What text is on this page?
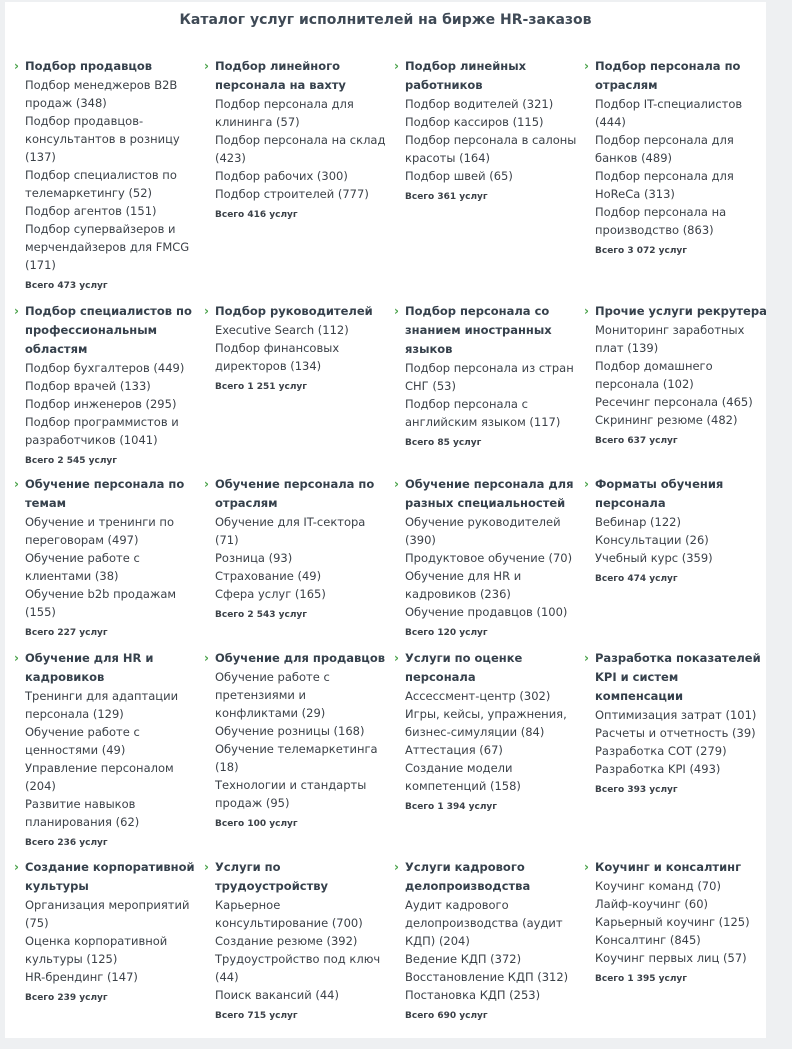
Каталог услуг исполнителей на бирже HR-заказов
› Подбор продавцов
Подбор менеджеров B2B продаж (348)
Подбор продавцов-консультантов в розницу (137)
Подбор специалистов по телемаркетингу (52)
Подбор агентов (151)
Подбор супервайзеров и мерчендайзеров для FMCG (171)
Всего 473 услуг
› Подбор линейного персонала на вахту
Подбор персонала для клининга (57)
Подбор персонала на склад (423)
Подбор рабочих (300)
Подбор строителей (777)
Всего 416 услуг
› Подбор линейных работников
Подбор водителей (321)
Подбор кассиров (115)
Подбор персонала в салоны красоты (164)
Подбор швей (65)
Всего 361 услуг
› Подбор персонала по отраслям
Подбор IT-специалистов (444)
Подбор персонала для банков (489)
Подбор персонала для HoReCa (313)
Подбор персонала на производство (863)
Всего 3 072 услуг
› Подбор специалистов по профессиональным областям
Подбор бухгалтеров (449)
Подбор врачей (133)
Подбор инженеров (295)
Подбор программистов и разработчиков (1041)
Всего 2 545 услуг
› Подбор руководителей
Executive Search (112)
Подбор финансовых директоров (134)
Всего 1 251 услуг
› Подбор персонала со знанием иностранных языков
Подбор персонала из стран СНГ (53)
Подбор персонала с английским языком (117)
Всего 85 услуг
› Прочие услуги рекрутера
Мониторинг заработных плат (139)
Подбор домашнего персонала (102)
Ресечинг персонала (465)
Скрининг резюме (482)
Всего 637 услуг
› Обучение персонала по темам
Обучение и тренинги по переговорам (497)
Обучение работе с клиентами (38)
Обучение b2b продажам (155)
Всего 227 услуг
› Обучение персонала по отраслям
Обучение для IT-сектора (71)
Розница (93)
Страхование (49)
Сфера услуг (165)
Всего 2 543 услуг
› Обучение персонала для разных специальностей
Обучение руководителей (390)
Продуктовое обучение (70)
Обучение для HR и кадровиков (236)
Обучение продавцов (100)
Всего 120 услуг
› Форматы обучения персонала
Вебинар (122)
Консультации (26)
Учебный курс (359)
Всего 474 услуг
› Обучение для HR и кадровиков
Тренинги для адаптации персонала (129)
Обучение работе с ценностями (49)
Управление персоналом (204)
Развитие навыков планирования (62)
Всего 236 услуг
› Обучение для продавцов
Обучение работе с претензиями и конфликтами (29)
Обучение розницы (168)
Обучение телемаркетинга (18)
Технологии и стандарты продаж (95)
Всего 100 услуг
› Услуги по оценке персонала
Ассессмент-центр (302)
Игры, кейсы, упражнения, бизнес-симуляции (84)
Аттестация (67)
Создание модели компетенций (158)
Всего 1 394 услуг
› Разработка показателей KPI и систем компенсации
Оптимизация затрат (101)
Расчеты и отчетность (39)
Разработка СОТ (279)
Разработка KPI (493)
Всего 393 услуг
› Создание корпоративной культуры
Организация мероприятий (75)
Оценка корпоративной культуры (125)
HR-брендинг (147)
Всего 239 услуг
› Услуги по трудоустройству
Карьерное консультирование (700)
Создание резюме (392)
Трудоустройство под ключ (44)
Поиск вакансий (44)
Всего 715 услуг
› Услуги кадрового делопроизводства
Аудит кадрового делопроизводства (аудит КДП) (204)
Ведение КДП (372)
Восстановление КДП (312)
Постановка КДП (253)
Всего 690 услуг
› Коучинг и консалтинг
Коучинг команд (70)
Лайф-коучинг (60)
Карьерный коучинг (125)
Консалтинг (845)
Коучинг первых лиц (57)
Всего 1 395 услуг
